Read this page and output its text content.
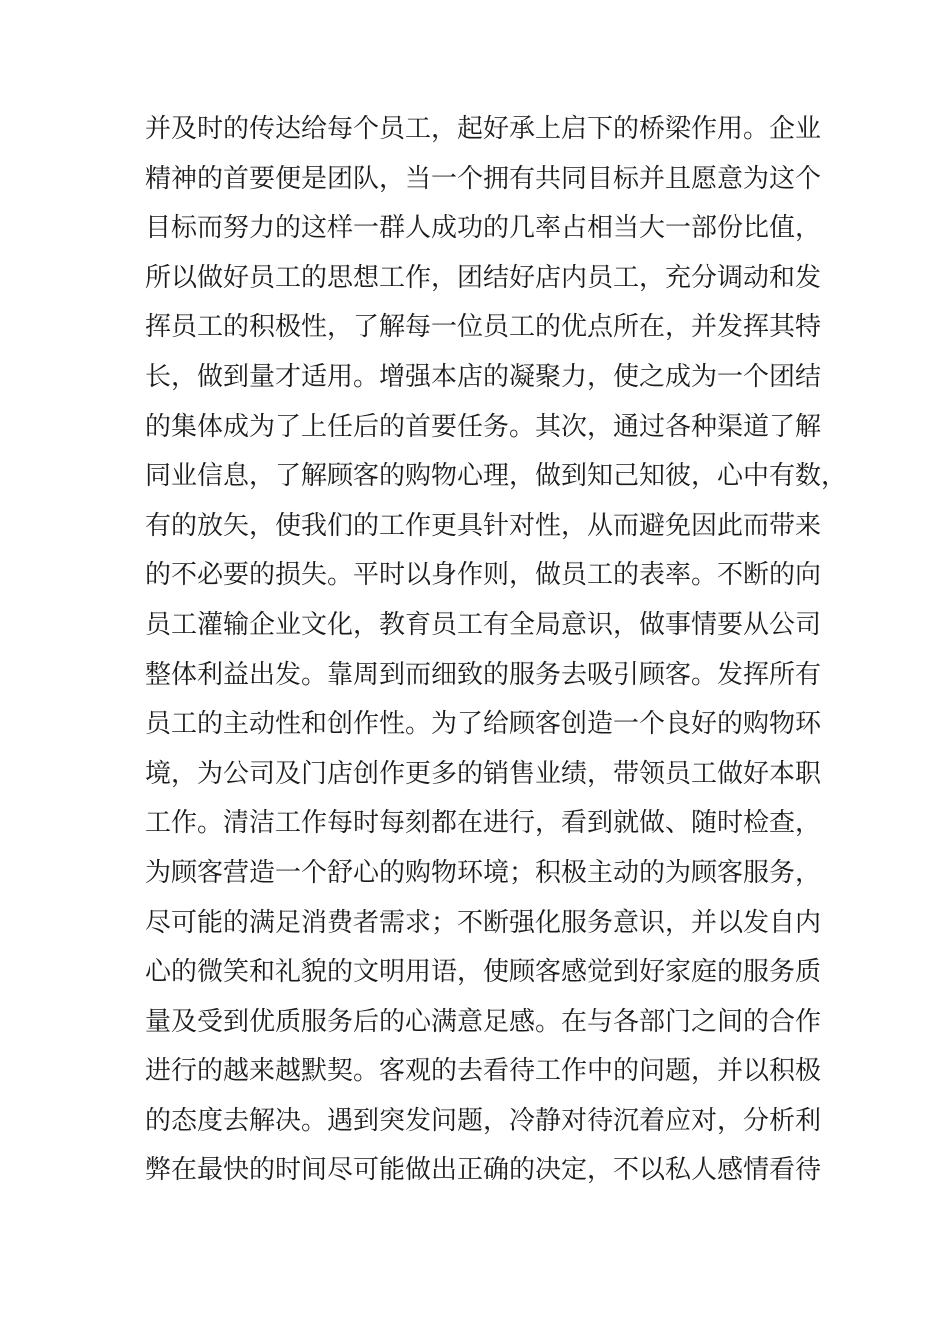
并及时的传达给每个员工，起好承上启下的桥梁作用。企业
精神的首要便是团队，当一个拥有共同目标并且愿意为这个
目标而努力的这样一群人成功的几率占相当大一部份比值，
所以做好员工的思想工作，团结好店内员工，充分调动和发
挥员工的积极性，了解每一位员工的优点所在，并发挥其特
长，做到量才适用。增强本店的凝聚力，使之成为一个团结
的集体成为了上任后的首要任务。其次，通过各种渠道了解
同业信息，了解顾客的购物心理，做到知己知彼，心中有数，
有的放矢，使我们的工作更具针对性，从而避免因此而带来
的不必要的损失。平时以身作则，做员工的表率。不断的向
员工灌输企业文化，教育员工有全局意识，做事情要从公司
整体利益出发。靠周到而细致的服务去吸引顾客。发挥所有
员工的主动性和创作性。为了给顾客创造一个良好的购物环
境，为公司及门店创作更多的销售业绩，带领员工做好本职
工作。清洁工作每时每刻都在进行，看到就做、随时检查，
为顾客营造一个舒心的购物环境；积极主动的为顾客服务，
尽可能的满足消费者需求；不断强化服务意识，并以发自内
心的微笑和礼貌的文明用语，使顾客感觉到好家庭的服务质
量及受到优质服务后的心满意足感。在与各部门之间的合作
进行的越来越默契。客观的去看待工作中的问题，并以积极
的态度去解决。遇到突发问题，冷静对待沉着应对，分析利
弊在最快的时间尽可能做出正确的决定，不以私人感情看待
